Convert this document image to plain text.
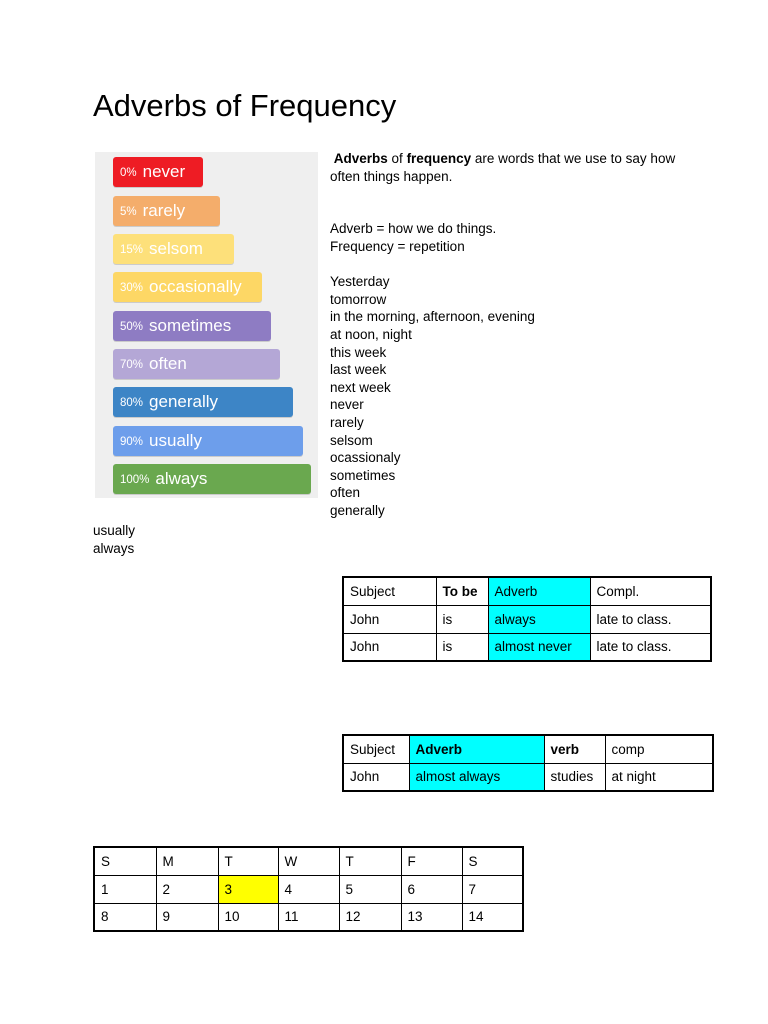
Adverbs of Frequency
0% never
5% rarely
15% selsom
30% occasionally
50% sometimes
70% often
80% generally
90% usually
100% always

Adverbs of frequency are words that we use to say how often things happen.

Adverb = how we do things.
Frequency = repetition
Yesterday
tomorrow
in the morning, afternoon, evening
at noon, night
this week
last week
next week
never
rarely
selsom
ocassionaly
sometimes
often
generally
usually
always
Subject	To be	Adverb	Compl.
John	is	always	late to class.
John	is	almost never	late to class.
Subject	Adverb	verb	comp
John	almost always	studies	at night
S	M	T	W	T	F	S
1	2	3	4	5	6	7
8	9	10	11	12	13	14
